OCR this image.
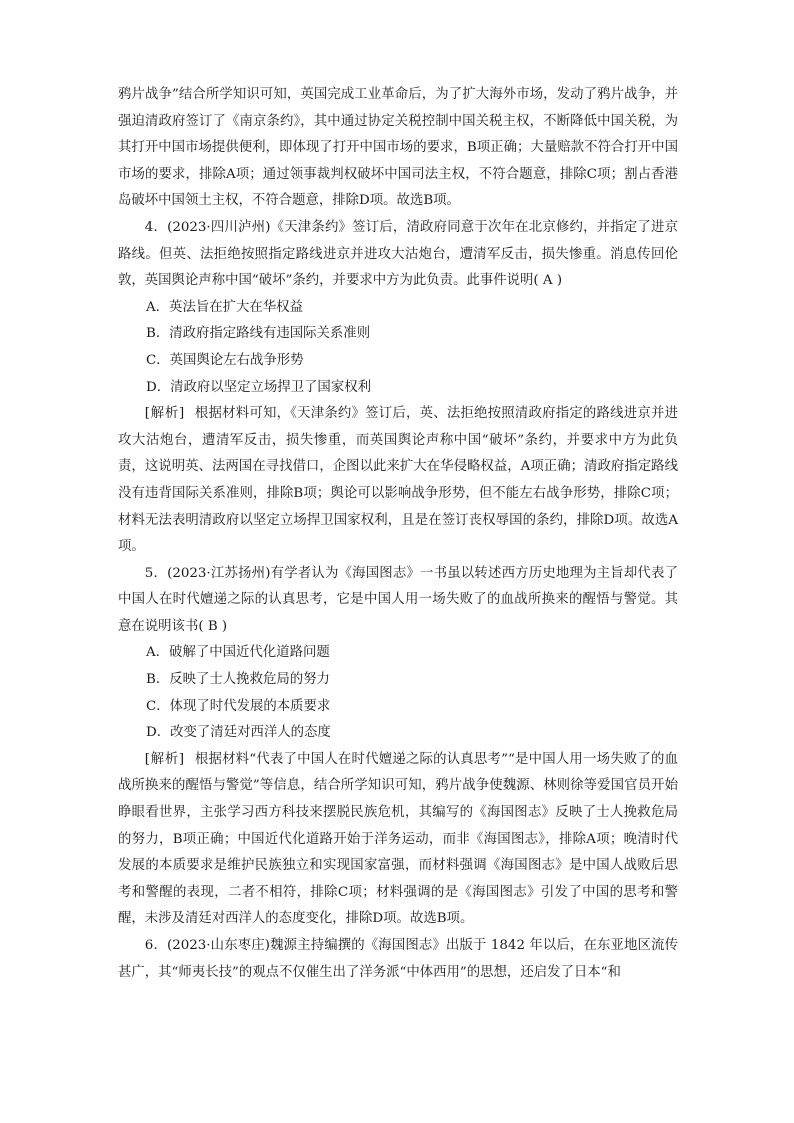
鸦片战争”结合所学知识可知，英国完成工业革命后，为了扩大海外市场，发动了鸦片战争，并强迫清政府签订了《南京条约》，其中通过协定关税控制中国关税主权，不断降低中国关税，为其打开中国市场提供便利，即体现了打开中国市场的要求，B项正确；大量赔款不符合打开中国市场的要求，排除A项；通过领事裁判权破坏中国司法主权，不符合题意，排除C项；割占香港岛破坏中国领土主权，不符合题意，排除D项。故选B项。

4．(2023·四川泸州)《天津条约》签订后，清政府同意于次年在北京修约，并指定了进京路线。但英、法拒绝按照指定路线进京并进攻大沽炮台，遭清军反击，损失惨重。消息传回伦敦，英国舆论声称中国“破坏”条约，并要求中方为此负责。此事件说明( A )

A．英法旨在扩大在华权益
B．清政府指定路线有违国际关系准则
C．英国舆论左右战争形势
D．清政府以坚定立场捍卫了国家权利

[解析] 根据材料可知，《天津条约》签订后，英、法拒绝按照清政府指定的路线进京并进攻大沽炮台，遭清军反击，损失惨重，而英国舆论声称中国“破坏”条约，并要求中方为此负责，这说明英、法两国在寻找借口，企图以此来扩大在华侵略权益，A项正确；清政府指定路线没有违背国际关系准则，排除B项；舆论可以影响战争形势，但不能左右战争形势，排除C项；材料无法表明清政府以坚定立场捍卫国家权利，且是在签订丧权辱国的条约，排除D项。故选A项。

5．(2023·江苏扬州)有学者认为《海国图志》一书虽以转述西方历史地理为主旨却代表了中国人在时代嬗递之际的认真思考，它是中国人用一场失败了的血战所换来的醒悟与警觉。其意在说明该书( B )

A．破解了中国近代化道路问题
B．反映了士人挽救危局的努力
C．体现了时代发展的本质要求
D．改变了清廷对西洋人的态度

[解析] 根据材料“代表了中国人在时代嬗递之际的认真思考”“是中国人用一场失败了的血战所换来的醒悟与警觉”等信息，结合所学知识可知，鸦片战争使魏源、林则徐等爱国官员开始睁眼看世界，主张学习西方科技来摆脱民族危机，其编写的《海国图志》反映了士人挽救危局的努力，B项正确；中国近代化道路开始于洋务运动，而非《海国图志》，排除A项；晚清时代发展的本质要求是维护民族独立和实现国家富强，而材料强调《海国图志》是中国人战败后思考和警醒的表现，二者不相符，排除C项；材料强调的是《海国图志》引发了中国的思考和警醒，未涉及清廷对西洋人的态度变化，排除D项。故选B项。

6．(2023·山东枣庄)魏源主持编撰的《海国图志》出版于 1842 年以后，在东亚地区流传甚广，其“师夷长技”的观点不仅催生出了洋务派“中体西用”的思想，还启发了日本“和
